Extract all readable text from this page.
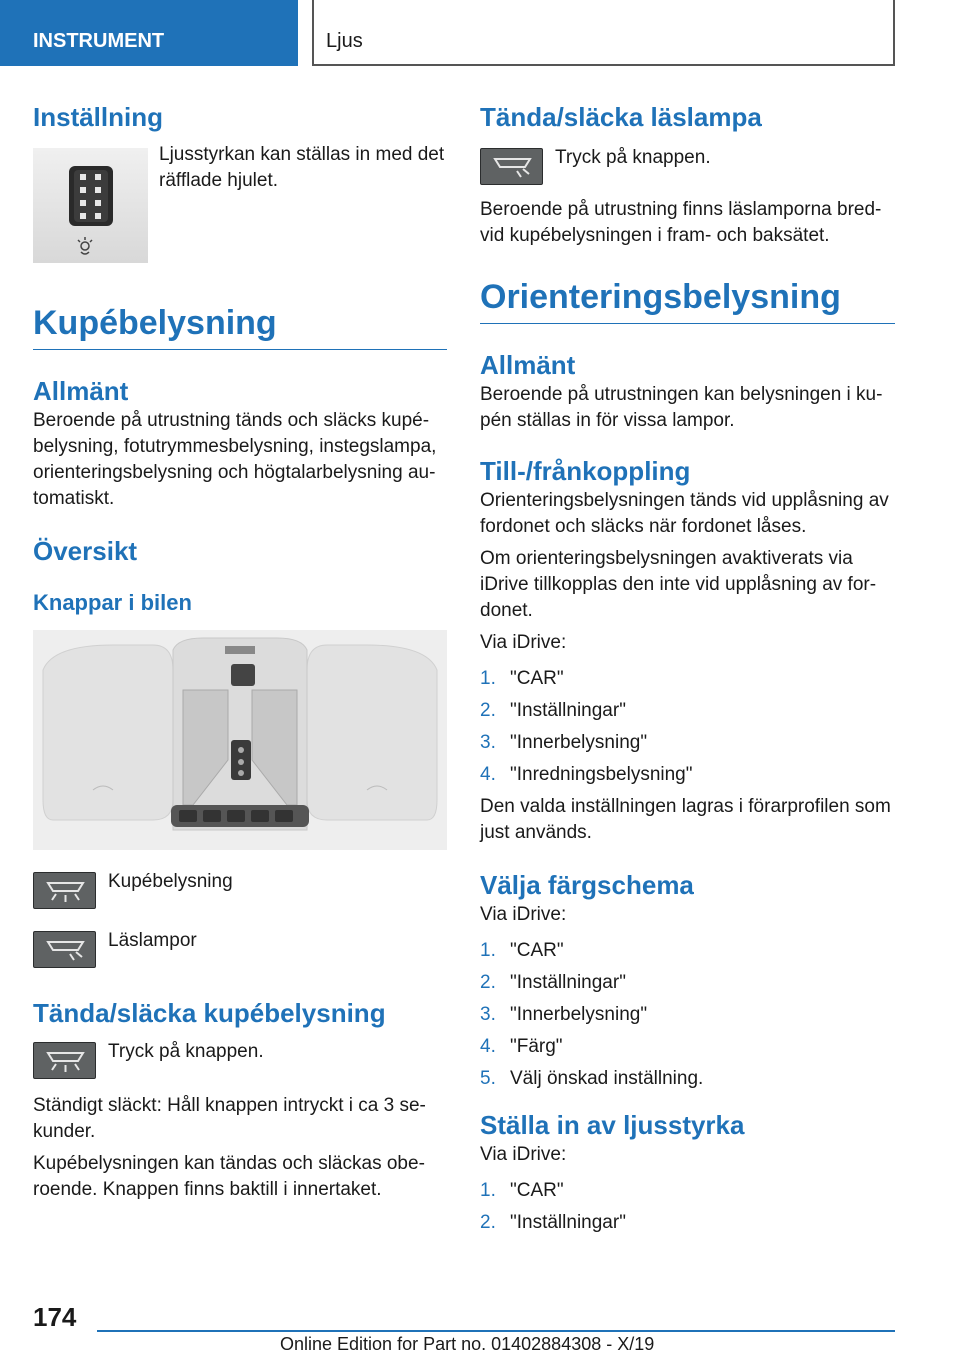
INSTRUMENT	Ljus
Inställning

Ljusstyrkan kan ställas in med det räfflade hjulet.

Kupébelysning
Allmänt

Beroende på utrustning tänds och släcks kupébelysning, fotutrymmesbelysning, instegslampa, orienteringsbelysning och högtalarbelysning automatiskt.

Översikt
Knappar i bilen

Kupébelysning

Läslampor

Tända/släcka kupébelysning

Tryck på knappen.

Ständigt släckt: Håll knappen intryckt i ca 3 sekunder.

Kupébelysningen kan tändas och släckas oberoende. Knappen finns baktill i innertaket.

Tända/släcka läslampa

Tryck på knappen.

Beroende på utrustning finns läslamporna bredvid kupébelysningen i fram- och baksätet.

Orienteringsbelysning
Allmänt

Beroende på utrustningen kan belysningen i kupén ställas in för vissa lampor.

Till-/frånkoppling

Orienteringsbelysningen tänds vid upplåsning av fordonet och släcks när fordonet låses.

Om orienteringsbelysningen avaktiverats via iDrive tillkopplas den inte vid upplåsning av fordonet.

Via iDrive:

1. "CAR"
2. "Inställningar"
3. "Innerbelysning"
4. "Inredningsbelysning"

Den valda inställningen lagras i förarprofilen som just används.

Välja färgschema

Via iDrive:

1. "CAR"
2. "Inställningar"
3. "Innerbelysning"
4. "Färg"
5. Välj önskad inställning.
Ställa in av ljusstyrka

Via iDrive:

1. "CAR"
2. "Inställningar"
174
Online Edition for Part no. 01402884308 - X/19
